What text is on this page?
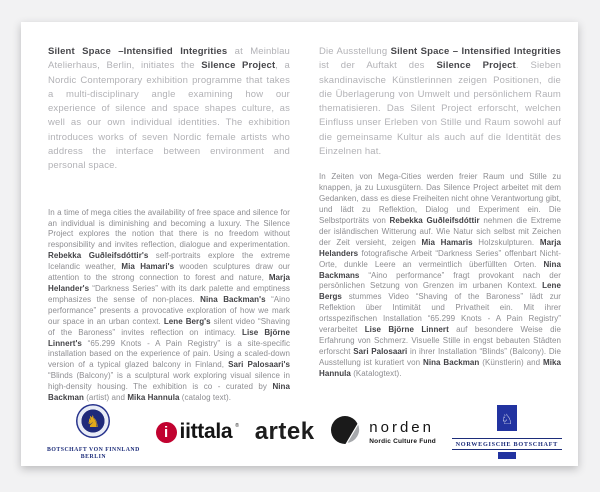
Silent Space –Intensified Integrities at Meinblau Atelierhaus, Berlin, initiates the Silence Project, a Nordic Contemporary exhibition programme that takes a multi-disciplinary angle examining how our experience of silence and space shapes culture, as well as our own individual identities. The exhibition introduces works of seven Nordic female artists who address the interface between environment and personal space.

In a time of mega cities the availability of free space and silence for an individual is diminishing and becoming a luxury. The Silence Project explores the notion that there is no freedom without responsibility and invites reflection, dialogue and experimentation. Rebekka Guðleifsdóttir's self-portraits explore the extreme Icelandic weather, Mia Hamari's wooden sculptures draw our attention to the strong connection to forest and nature, Marja Helander's “Darkness Series” with its dark palette and emptiness emphasizes the sense of non-places. Nina Backman's “Aino performance” presents a provocative exploration of how we mark our space in an urban context. Lene Berg's silent video “Shaving of the Baroness” invites reflection on intimacy. Lise Björne Linnert's “65.299 Knots - A Pain Registry” is a site-specific installation based on the experience of pain. Using a scaled-down version of a typical glazed balcony in Finland, Sari Palosaari's “Blinds (Balcony)” is a sculptural work exploring visual silence in high-density housing. The exhibition is co - curated by Nina Backman (artist) and Mika Hannula (catalog text).

Die Ausstellung Silent Space – Intensified Integrities ist der Auftakt des Silence Project. Sieben skandinavische Künstlerinnen zeigen Positionen, die die Überlagerung von Umwelt und persönlichem Raum thematisieren. Das Silent Project erforscht, welchen Einfluss unser Erleben von Stille und Raum sowohl auf die gemeinsame Kultur als auch auf die Identität des Einzelnen hat.

In Zeiten von Mega-Cities werden freier Raum und Stille zu knappen, ja zu Luxusgütern. Das Silence Project arbeitet mit dem Gedanken, dass es diese Freiheiten nicht ohne Verantwortung gibt, und lädt zu Reflektion, Dialog und Experiment ein. Die Selbstporträts von Rebekka Guðleifsdóttir nehmen die Extreme der isländischen Witterung auf. Wie Natur sich selbst mit Zeichen der Zeit versieht, zeigen Mia Hamaris Holzskulpturen. Marja Helanders fotografische Arbeit “Darkness Series” offenbart Nicht-Orte, dunkle Leere an vermeintlich überfüllten Orten. Nina Backmans “Aino performance” fragt provokant nach der persönlichen Setzung von Grenzen im urbanen Kontext. Lene Bergs stummes Video “Shaving of the Baroness” lädt zur Reflektion über Intimität und Privatheit ein. Mit ihrer ortsspezifischen Installation “65.299 Knots - A Pain Registry” verarbeitet Lise Björne Linnert auf besondere Weise die Erfahrung von Schmerz. Visuelle Stille in engst bebauten Städten erforscht Sari Palosaari in ihrer Installation “Blinds” (Balcony). Die Ausstellung ist kuratiert von Nina Backman (Künstlerin) and Mika Hannula (Katalogtext).

♞
BOTSCHAFT VON FINNLAND
BERLIN
i iittala ® artek	norden
Nordic Culture Fund
♘
NORWEGISCHE BOTSCHAFT
